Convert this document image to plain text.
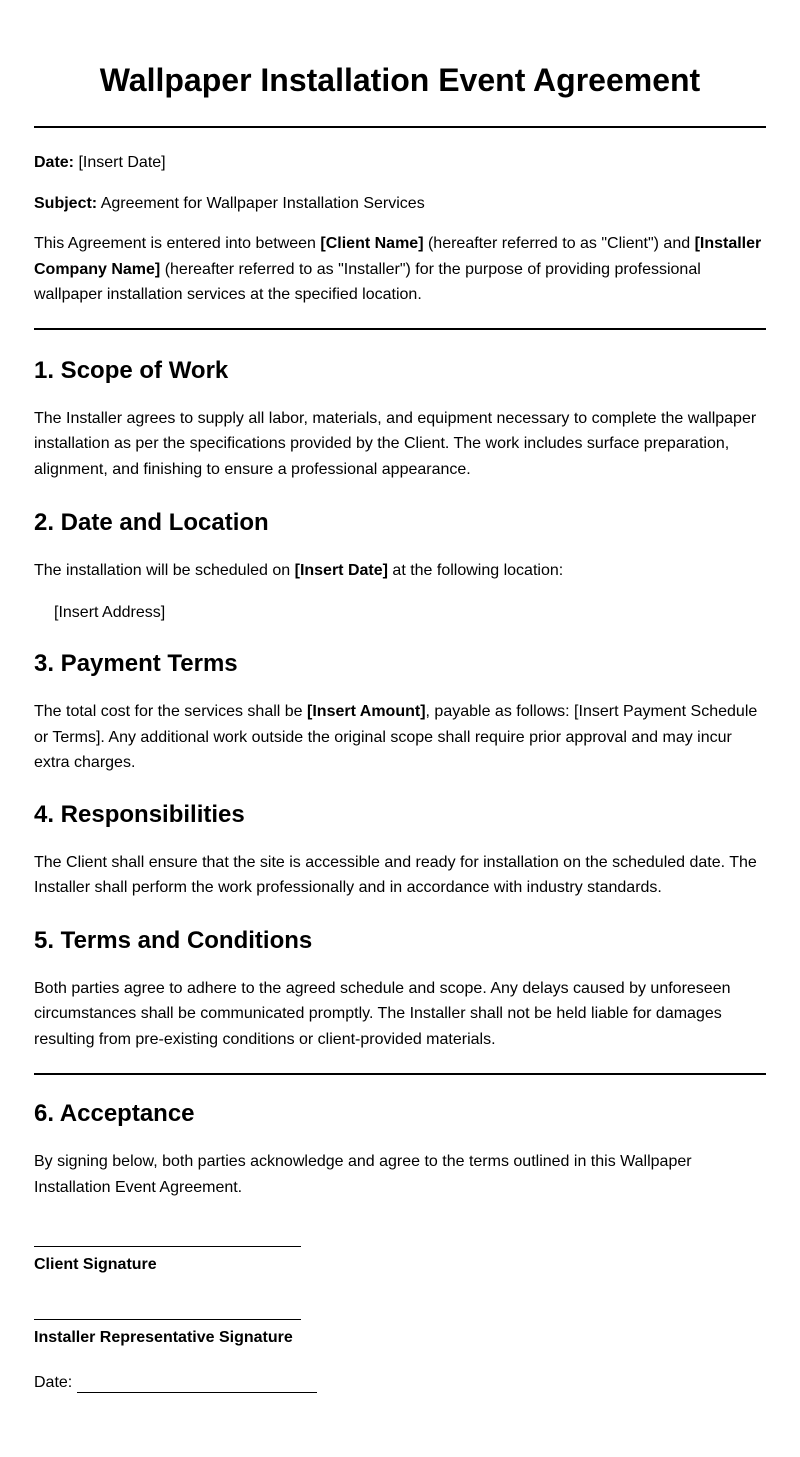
Wallpaper Installation Event Agreement

Date: [Insert Date]

Subject: Agreement for Wallpaper Installation Services

This Agreement is entered into between [Client Name] (hereafter referred to as "Client") and [Installer Company Name] (hereafter referred to as "Installer") for the purpose of providing professional wallpaper installation services at the specified location.

1. Scope of Work

The Installer agrees to supply all labor, materials, and equipment necessary to complete the wallpaper installation as per the specifications provided by the Client. The work includes surface preparation, alignment, and finishing to ensure a professional appearance.

2. Date and Location

The installation will be scheduled on [Insert Date] at the following location:

[Insert Address]

3. Payment Terms

The total cost for the services shall be [Insert Amount], payable as follows: [Insert Payment Schedule or Terms]. Any additional work outside the original scope shall require prior approval and may incur extra charges.

4. Responsibilities

The Client shall ensure that the site is accessible and ready for installation on the scheduled date. The Installer shall perform the work professionally and in accordance with industry standards.

5. Terms and Conditions

Both parties agree to adhere to the agreed schedule and scope. Any delays caused by unforeseen circumstances shall be communicated promptly. The Installer shall not be held liable for damages resulting from pre-existing conditions or client-provided materials.

6. Acceptance

By signing below, both parties acknowledge and agree to the terms outlined in this Wallpaper Installation Event Agreement.

Client Signature

Installer Representative Signature

Date:
